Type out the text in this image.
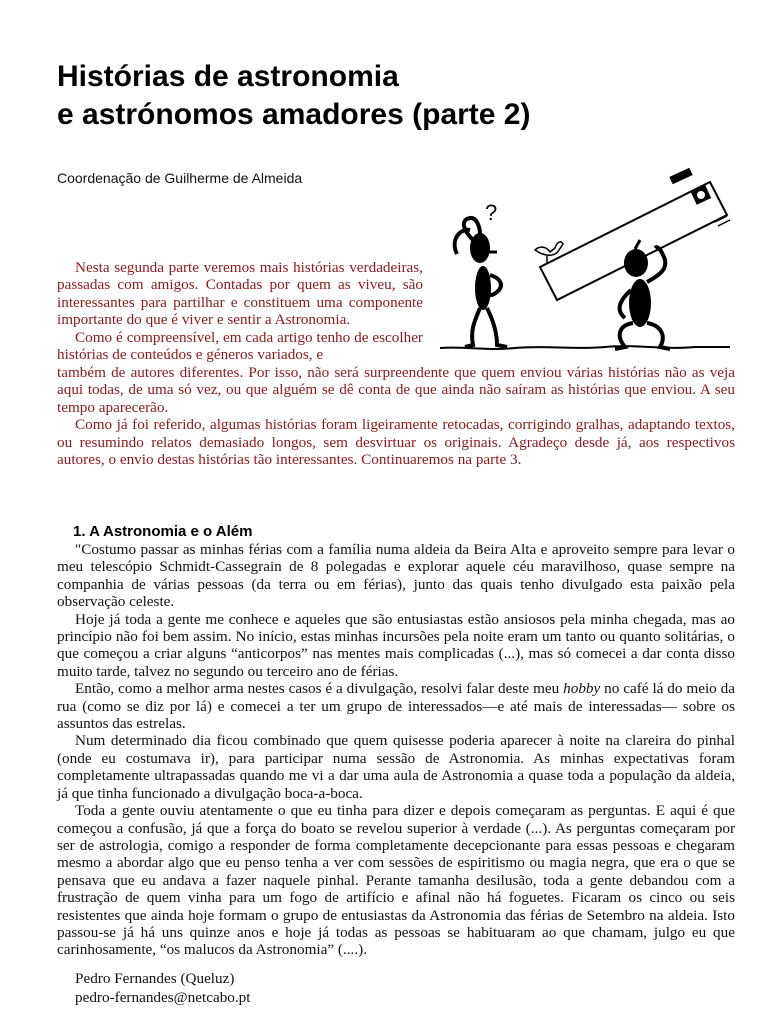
Histórias de astronomia
e astrónomos amadores (parte 2)
Coordenação de Guilherme de Almeida
?

Nesta segunda parte veremos mais histórias verdadeiras, passadas com amigos. Contadas por quem as viveu, são interessantes para partilhar e constituem uma componente importante do que é viver e sentir a Astronomia.

Como é compreensível, em cada artigo tenho de escolher histórias de conteúdos e géneros variados, e

também de autores diferentes. Por isso, não será surpreendente que quem enviou várias histórias não as veja aqui todas, de uma só vez, ou que alguém se dê conta de que ainda não saíram as histórias que enviou. A seu tempo aparecerão.

Como já foi referido, algumas histórias foram ligeiramente retocadas, corrigindo gralhas, adaptando textos, ou resumindo relatos demasiado longos, sem desvirtuar os originais. Agradeço desde já, aos respectivos autores, o envio destas histórias tão interessantes. Continuaremos na parte 3.

1. A Astronomia e o Além

"Costumo passar as minhas férias com a família numa aldeia da Beira Alta e aproveito sempre para levar o meu telescópio Schmidt-Cassegrain de 8 polegadas e explorar aquele céu maravilhoso, quase sempre na companhia de várias pessoas (da terra ou em férias), junto das quais tenho divulgado esta paixão pela observação celeste.

Hoje já toda a gente me conhece e aqueles que são entusiastas estão ansiosos pela minha chegada, mas ao princípio não foi bem assim. No início, estas minhas incursões pela noite eram um tanto ou quanto solitárias, o que começou a criar alguns “anticorpos” nas mentes mais complicadas (...), mas só comecei a dar conta disso muito tarde, talvez no segundo ou terceiro ano de férias.

Então, como a melhor arma nestes casos é a divulgação, resolvi falar deste meu hobby no café lá do meio da rua (como se diz por lá) e comecei a ter um grupo de interessados—e até mais de interessadas— sobre os assuntos das estrelas.

Num determinado dia ficou combinado que quem quisesse poderia aparecer à noite na clareira do pinhal (onde eu costumava ir), para participar numa sessão de Astronomia. As minhas expectativas foram completamente ultrapassadas quando me vi a dar uma aula de Astronomia a quase toda a população da aldeia, já que tinha funcionado a divulgação boca-a-boca.

Toda a gente ouviu atentamente o que eu tinha para dizer e depois começaram as perguntas. E aqui é que começou a confusão, já que a força do boato se revelou superior à verdade (...). As perguntas começaram por ser de astrologia, comigo a responder de forma completamente decepcionante para essas pessoas e chegaram mesmo a abordar algo que eu penso tenha a ver com sessões de espiritismo ou magia negra, que era o que se pensava que eu andava a fazer naquele pinhal. Perante tamanha desilusão, toda a gente debandou com a frustração de quem vinha para um fogo de artifício e afinal não há foguetes. Ficaram os cinco ou seis resistentes que ainda hoje formam o grupo de entusiastas da Astronomia das férias de Setembro na aldeia. Isto passou-se já há uns quinze anos e hoje já todas as pessoas se habituaram ao que chamam, julgo eu que carinhosamente, “os malucos da Astronomia” (....).

Pedro Fernandes (Queluz)
pedro-fernandes@netcabo.pt
